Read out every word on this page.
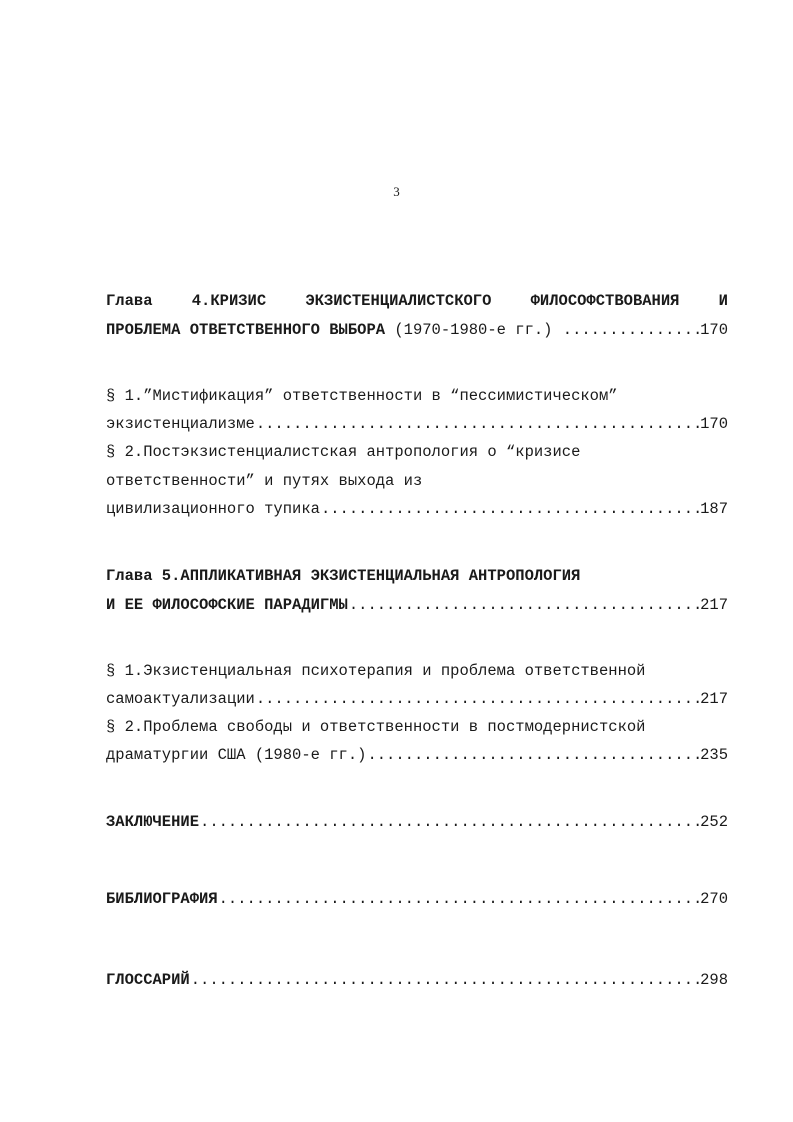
3
Глава	4.КРИЗИС	ЭКЗИСТЕНЦИАЛИСТСКОГО	ФИЛОСОФСТВОВАНИЯ	И
ПРОБЛЕМА ОТВЕТСТВЕННОГО ВЫБОРА (1970-1980-е гг.) .....	170
§ 1.”Мистификация” ответственности в “пессимистическом”
экзистенциализме .....	170
§ 2.Постэкзистенциалистская антропология о “кризисе
ответственности” и путях выхода из
цивилизационного тупика .....	187
Глава 5.АППЛИКАТИВНАЯ ЭКЗИСТЕНЦИАЛЬНАЯ АНТРОПОЛОГИЯ
И ЕЕ ФИЛОСОФСКИЕ ПАРАДИГМЫ .....	217
§ 1.Экзистенциальная психотерапия и проблема ответственной
самоактуализации .....	217
§ 2.Проблема свободы и ответственности в постмодернистской
драматургии США (1980-е гг.) .....	235
ЗАКЛЮЧЕНИЕ .....	252
БИБЛИОГРАФИЯ .....	270
ГЛОССАРИЙ .....	298
